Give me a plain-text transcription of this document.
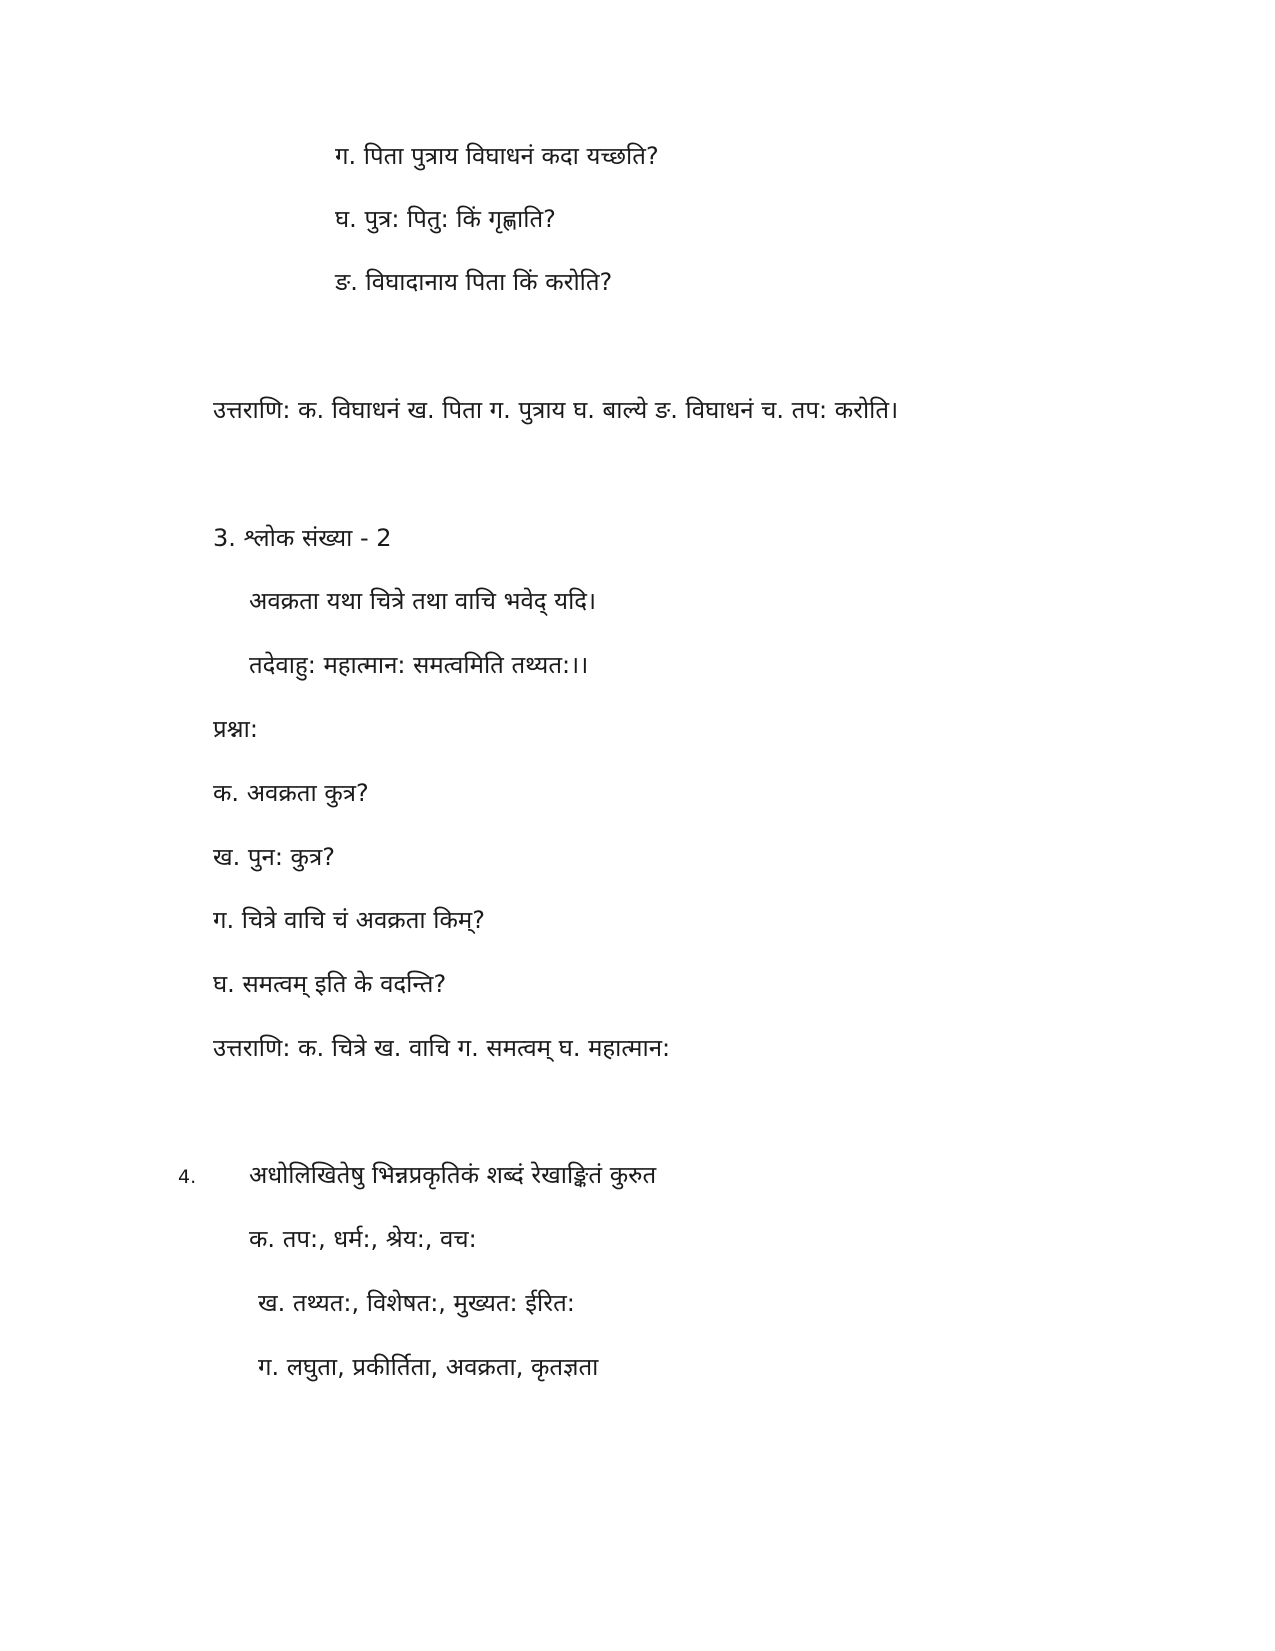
ग. पिता पुत्राय विघाधनं कदा यच्छति?
घ. पुत्र: पितु: किं गृह्णाति?
ङ. विघादानाय पिता किं करोति?
उत्तराणि: क. विघाधनं ख. पिता ग. पुत्राय घ. बाल्ये ङ. विघाधनं च. तप: करोति।
3. श्लोक संख्या - 2
अवक्रता यथा चित्रे तथा वाचि भवेद् यदि।
तदेवाहु: महात्मान: समत्वमिति तथ्यत:।।
प्रश्ना:
क. अवक्रता कुत्र?
ख. पुन: कुत्र?
ग. चित्रे वाचि चं अवक्रता किम्?
घ. समत्वम् इति के वदन्ति?
उत्तराणि: क. चित्रे ख. वाचि ग. समत्वम् घ. महात्मान:
4. अधोलिखितेषु भिन्नप्रकृतिकं शब्दं रेखाङ्कितं कुरुत
क. तप:, धर्म:, श्रेय:, वच:
ख. तथ्यत:, विशेषत:, मुख्यत: ईरित:
ग. लघुता, प्रकीर्तिता, अवक्रता, कृतज्ञता
